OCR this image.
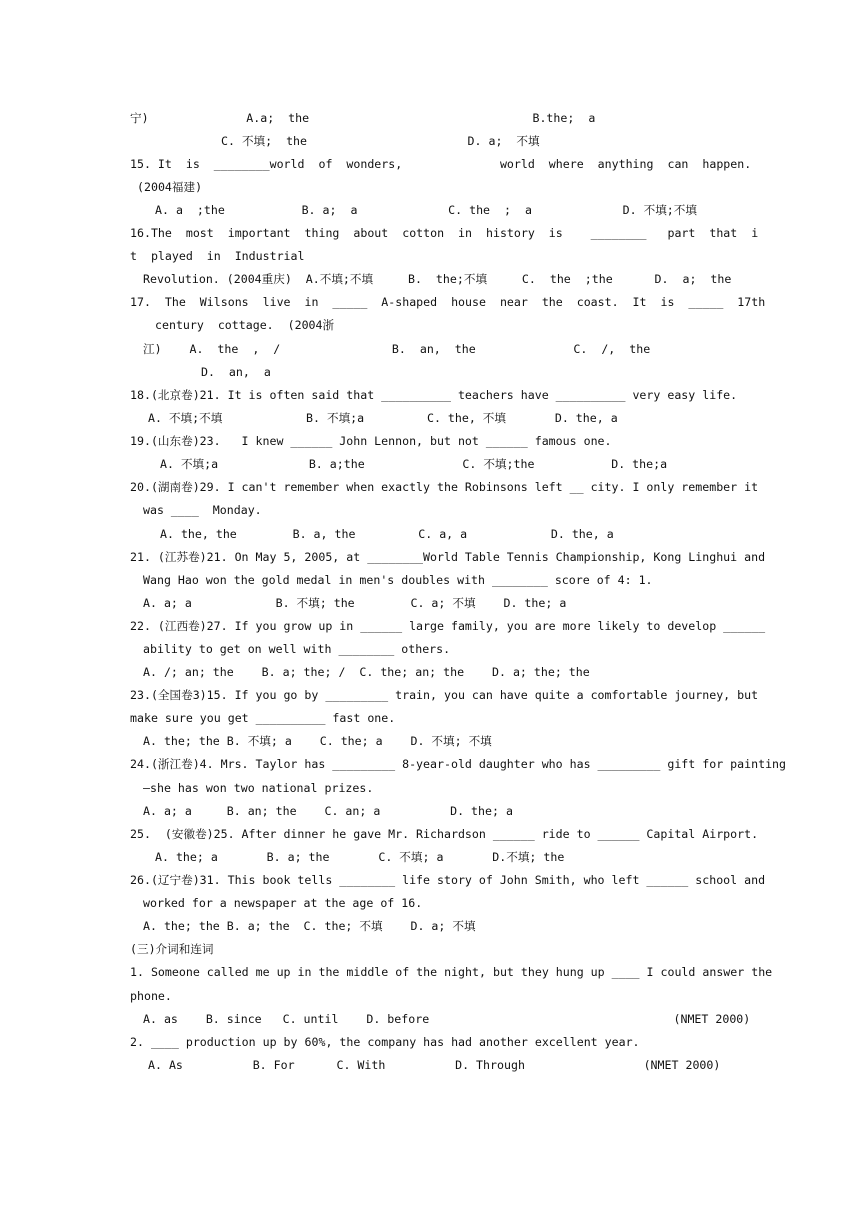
宁)              A.a;  the                                B.the;  a
C. 不填;  the                       D. a;  不填
15. It  is  ________world  of  wonders,              world  where  anything  can  happen.
(2004福建)
A. a  ;the           B. a;  a             C. the  ;  a             D. 不填;不填
16.The  most  important  thing  about  cotton  in  history  is    ________   part  that  i
t  played  in  Industrial
Revolution. (2004重庆)  A.不填;不填     B.  the;不填     C.  the  ;the      D.  a;  the
17.  The  Wilsons  live  in  _____  A-shaped  house  near  the  coast.  It  is  _____  17th
century  cottage.  (2004浙
江)    A.  the  ,  /                B.  an,  the              C.  /,  the
D.  an,  a
18.(北京卷)21. It is often said that __________ teachers have __________ very easy life.
A. 不填;不填            B. 不填;a         C. the, 不填       D. the, a
19.(山东卷)23.   I knew ______ John Lennon, but not ______ famous one.
A. 不填;a             B. a;the              C. 不填;the           D. the;a
20.(湖南卷)29. I can't remember when exactly the Robinsons left __ city. I only remember it
was ____  Monday.
A. the, the        B. a, the         C. a, a            D. the, a
21. (江苏卷)21. On May 5, 2005, at ________World Table Tennis Championship, Kong Linghui and
Wang Hao won the gold medal in men's doubles with ________ score of 4: 1.
A. a; a            B. 不填; the        C. a; 不填    D. the; a
22. (江西卷)27. If you grow up in ______ large family, you are more likely to develop ______
ability to get on well with ________ others.
A. /; an; the    B. a; the; /  C. the; an; the    D. a; the; the
23.(全国卷3)15. If you go by _________ train, you can have quite a comfortable journey, but
make sure you get __________ fast one.
A. the; the B. 不填; a    C. the; a    D. 不填; 不填
24.(浙江卷)4. Mrs. Taylor has _________ 8-year-old daughter who has _________ gift for painting
—she has won two national prizes.
A. a; a     B. an; the    C. an; a          D. the; a
25.  (安徽卷)25. After dinner he gave Mr. Richardson ______ ride to ______ Capital Airport.
A. the; a       B. a; the       C. 不填; a       D.不填; the
26.(辽宁卷)31. This book tells ________ life story of John Smith, who left ______ school and
worked for a newspaper at the age of 16.
A. the; the B. a; the  C. the; 不填    D. a; 不填
(三)介词和连词
1. Someone called me up in the middle of the night, but they hung up ____ I could answer the
phone.
A. as    B. since   C. until    D. before                                   (NMET 2000)
2. ____ production up by 60%, the company has had another excellent year.
A. As          B. For      C. With          D. Through                 (NMET 2000)
